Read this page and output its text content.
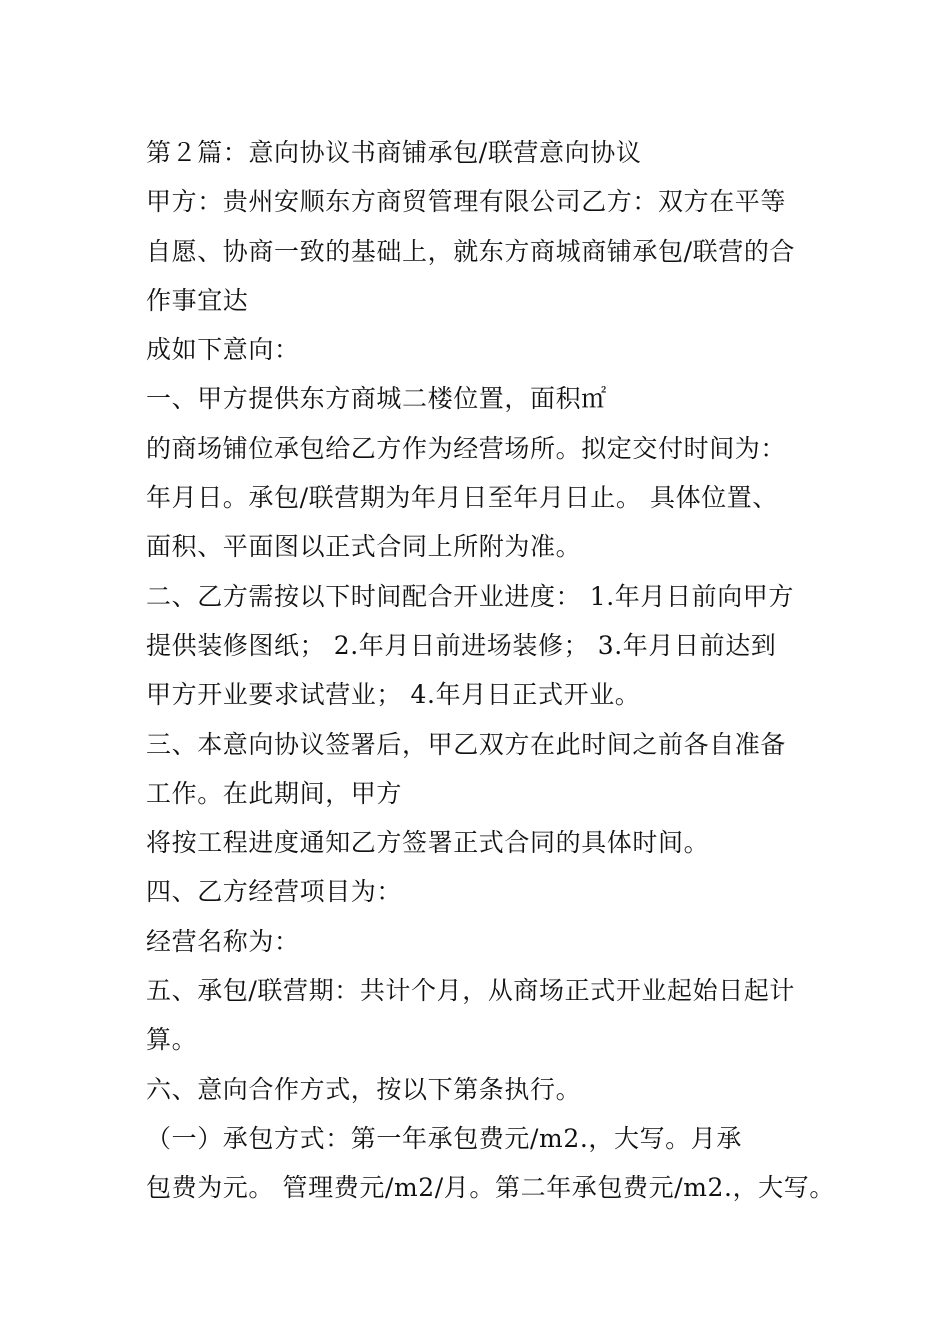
第２篇：意向协议书商铺承包/联营意向协议
甲方：贵州安顺东方商贸管理有限公司乙方：双方在平等
自愿、协商一致的基础上，就东方商城商铺承包/联营的合
作事宜达
成如下意向：
一、甲方提供东方商城二楼位置，面积㎡
的商场铺位承包给乙方作为经营场所。拟定交付时间为：
年月日。承包/联营期为年月日至年月日止。 具体位置、
面积、平面图以正式合同上所附为准。
二、乙方需按以下时间配合开业进度： 1.年月日前向甲方
提供装修图纸； 2.年月日前进场装修； 3.年月日前达到
甲方开业要求试营业； 4.年月日正式开业。
三、本意向协议签署后，甲乙双方在此时间之前各自准备
工作。在此期间，甲方
将按工程进度通知乙方签署正式合同的具体时间。
四、乙方经营项目为：
经营名称为：
五、承包/联营期：共计个月，从商场正式开业起始日起计
算。
六、意向合作方式，按以下第条执行。
（一）承包方式：第一年承包费元/m2.，大写。月承
包费为元。 管理费元/m2/月。第二年承包费元/m2.，大写。
